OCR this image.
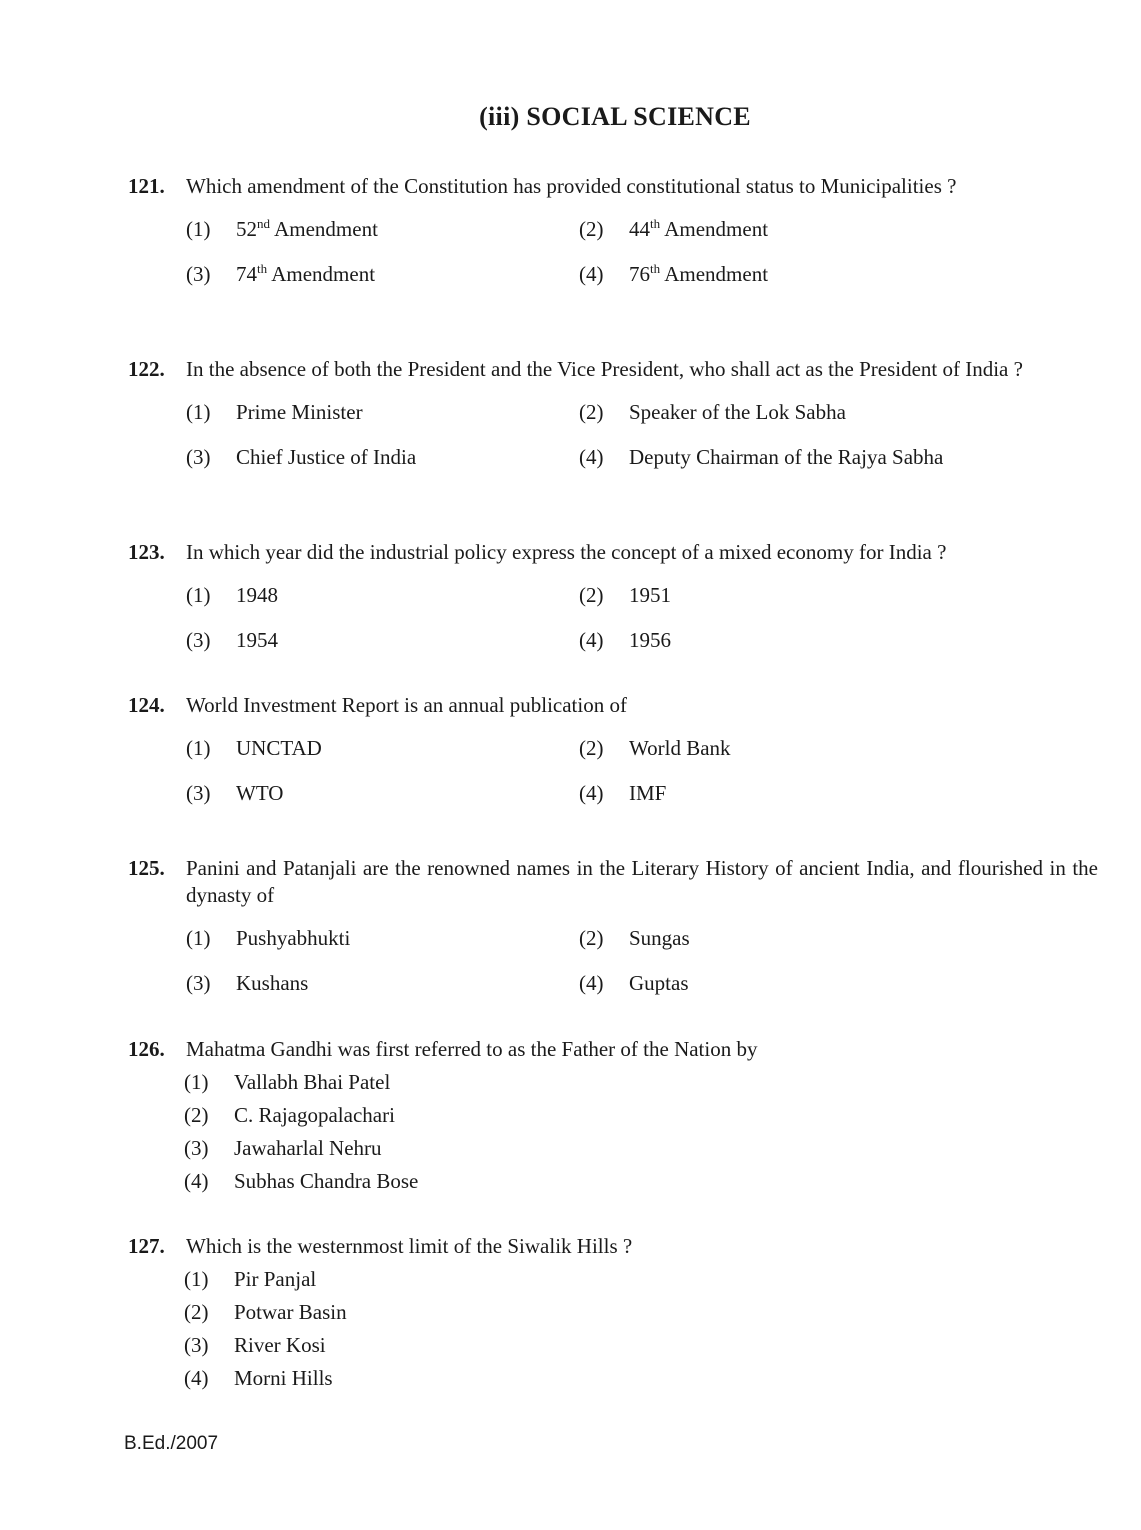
(iii) SOCIAL SCIENCE
121.	Which amendment of the Constitution has provided constitutional status to Municipalities ?
(1)	52nd Amendment	(2)	44th Amendment
(3)	74th Amendment	(4)	76th Amendment
122.	In the absence of both the President and the Vice President, who shall act as the President of India ?
(1)	Prime Minister	(2)	Speaker of the Lok Sabha
(3)	Chief Justice of India	(4)	Deputy Chairman of the Rajya Sabha
123.	In which year did the industrial policy express the concept of a mixed economy for India ?
(1)	1948	(2)	1951
(3)	1954	(4)	1956
124.	World Investment Report is an annual publication of
(1)	UNCTAD	(2)	World Bank
(3)	WTO	(4)	IMF
125.	Panini and Patanjali are the renowned names in the Literary History of ancient India, and flourished in the dynasty of
(1)	Pushyabhukti	(2)	Sungas
(3)	Kushans	(4)	Guptas
126.	Mahatma Gandhi was first referred to as the Father of the Nation by
(1)	Vallabh Bhai Patel
(2)	C. Rajagopalachari
(3)	Jawaharlal Nehru
(4)	Subhas Chandra Bose
127.	Which is the westernmost limit of the Siwalik Hills ?
(1)	Pir Panjal
(2)	Potwar Basin
(3)	River Kosi
(4)	Morni Hills
B.Ed./2007
